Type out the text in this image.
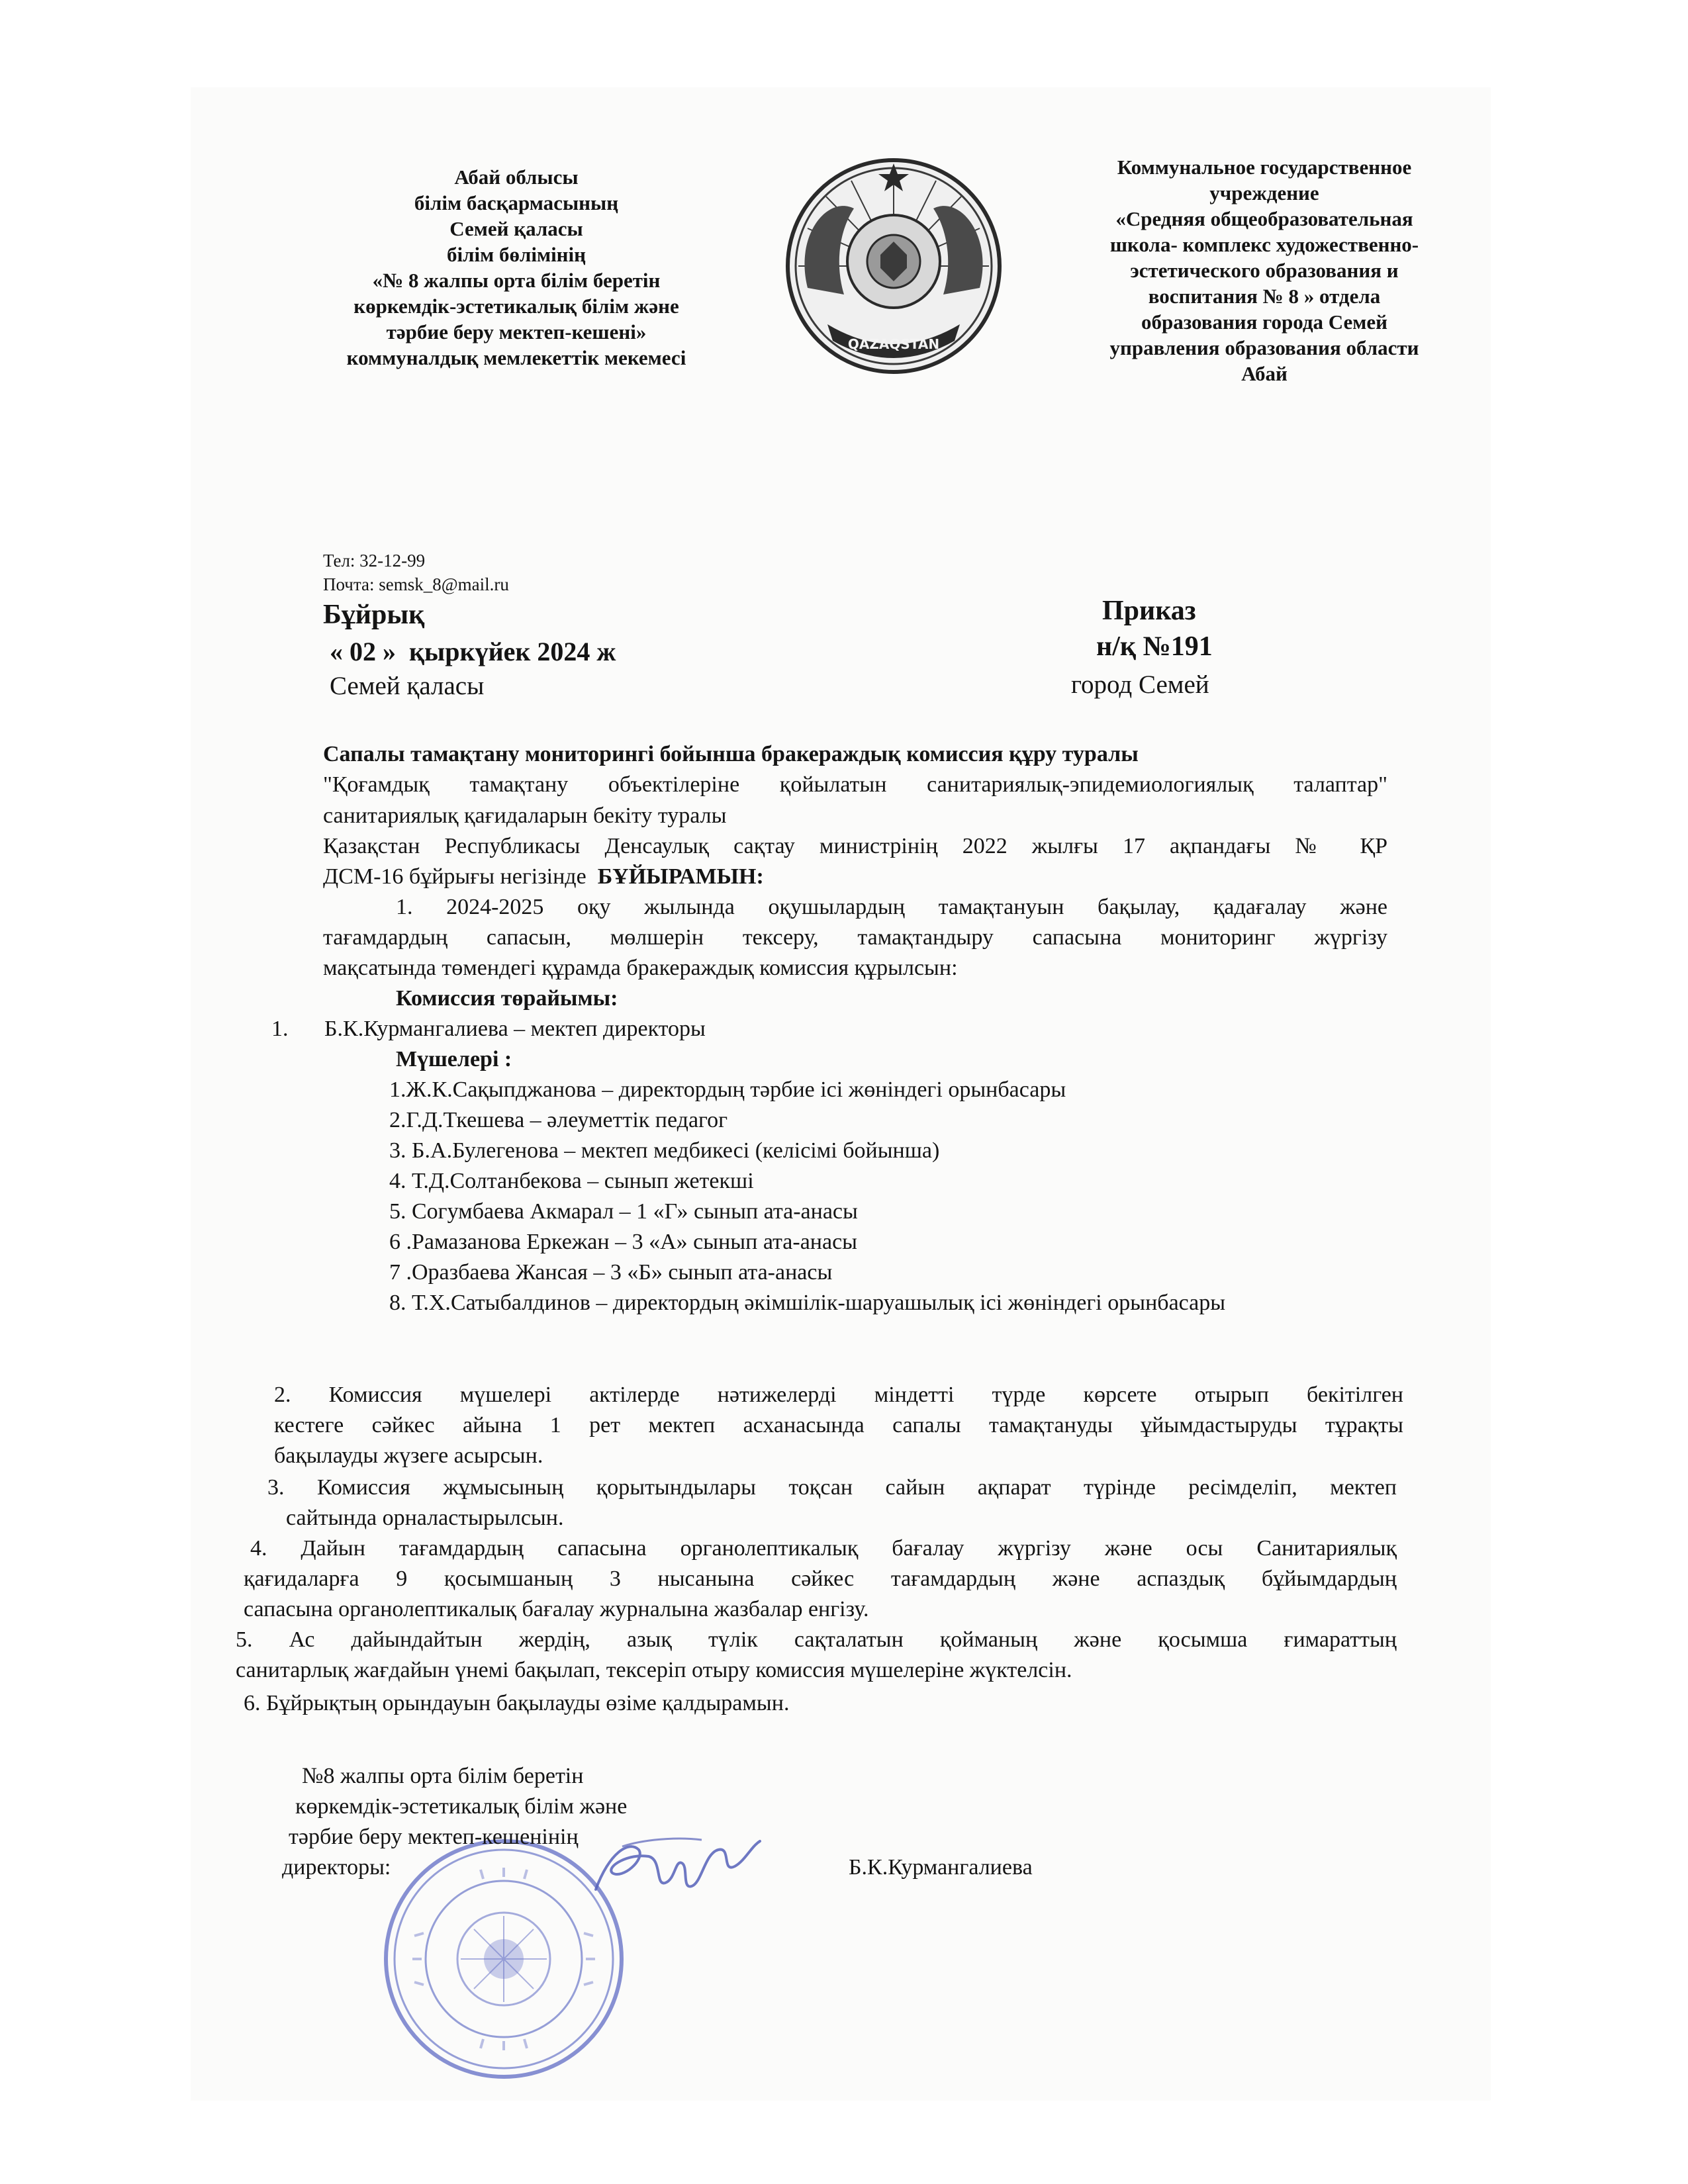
Абай облысы
білім басқармасының
Семей қаласы
білім бөлімінің
«№ 8 жалпы орта білім беретін
көркемдік-эстетикалық білім және
тәрбие беру мектеп-кешені»
коммуналдық мемлекеттік мекемесі
QAZAQSTAN
Коммунальное государственное
учреждение
«Средняя общеобразовательная
школа- комплекс художественно-
эстетического образования и
воспитания № 8 » отдела
образования города Семей
управления образования области
Абай
Тел: 32-12-99
Почта: semsk_8@mail.ru
Бұйрық
« 02 »  қыркүйек 2024 ж
Семей қаласы
Приказ
н/қ №191
город Семей
Сапалы тамақтану мониторингі бойынша бракераждық комиссия құру туралы
"Қоғамдық тамақтану объектілеріне қойылатын санитариялық-эпидемиологиялық талаптар"
санитариялық қағидаларын бекіту туралы
Қазақстан Республикасы Денсаулық сақтау министрінің 2022 жылғы 17 ақпандағы № ҚР
ДСМ-16 бұйрығы негізінде БҰЙЫРАМЫН:
1. 2024-2025 оқу жылында оқушылардың тамақтануын бақылау, қадағалау және
тағамдардың сапасын, мөлшерін тексеру, тамақтандыру сапасына мониторинг жүргізу
мақсатында төмендегі құрамда бракераждық комиссия құрылсын:
Комиссия төрайымы:
1. Б.К.Курмангалиева – мектеп директоры
Мүшелері :
1.Ж.К.Сақыпджанова – директордың тәрбие ісі жөніндегі орынбасары
2.Г.Д.Ткешева – әлеуметтік педагог
3. Б.А.Булегенова – мектеп медбикесі (келісімі бойынша)
4. Т.Д.Солтанбекова – сынып жетекші
5. Согумбаева Акмарал – 1 «Г» сынып ата-анасы
6 .Рамазанова Еркежан – 3 «А» сынып ата-анасы
7 .Оразбаева Жансая – 3 «Б» сынып ата-анасы
8. Т.Х.Сатыбалдинов – директордың әкімшілік-шаруашылық ісі жөніндегі орынбасары
2. Комиссия мүшелері актілерде нәтижелерді міндетті түрде көрсете отырып бекітілген
кестеге сәйкес айына 1 рет мектеп асханасында сапалы тамақтануды ұйымдастыруды тұрақты
бақылауды жүзеге асырсын.
3. Комиссия жұмысының қорытындылары тоқсан сайын ақпарат түрінде ресімделіп, мектеп
сайтында орналастырылсын.
4. Дайын тағамдардың сапасына органолептикалық бағалау жүргізу және осы Санитариялық
қағидаларға 9 қосымшаның 3 нысанына сәйкес тағамдардың және аспаздық бұйымдардың
сапасына органолептикалық бағалау журналына жазбалар енгізу.
5. Ас дайындайтын жердің, азық түлік сақталатын қойманың және қосымша ғимараттың
санитарлық жағдайын үнемі бақылап, тексеріп отыру комиссия мүшелеріне жүктелсін.
6. Бұйрықтың орындауын бақылауды өзіме қалдырамын.
№8 жалпы орта білім беретін
көркемдік-эстетикалық білім және
тәрбие беру мектеп-кешенінің
директоры:	Б.К.Курмангалиева
